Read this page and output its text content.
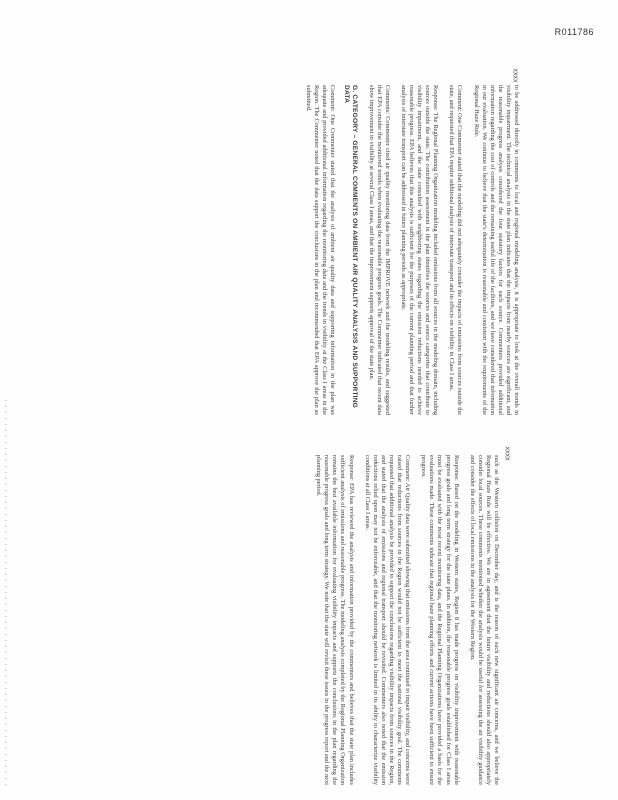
R011786
xxxx
xxxx

to be addressed directly in comments to local and regional modeling analysis, it is appropriate to look at the overall trends in visibility impairment. The technical analysis in the state plan indicates that the impacts from nearby sources are significant, and the reasonable progress analysis considered the four statutory factors for each source. Commenters provided additional information regarding the cost of controls and the remaining useful life of the facilities, and we have considered that information in our evaluation. We continue to believe that the state's determination is reasonable and consistent with the requirements of the Regional Haze Rule.

Comment: One Commenter stated that the modeling did not adequately consider the impacts of emissions from sources outside the state, and requested that EPA require additional analysis of interstate transport and its effects on visibility in Class I areas.

Response: The Regional Planning Organization modeling included emissions from all sources in the modeling domain, including sources outside the state. The contribution assessment in the plan identifies the sources and source categories that contribute to visibility impairment, and the state consulted with neighboring states regarding the emission reductions needed to achieve reasonable progress. EPA believes that this analysis is sufficient for the purposes of the current planning period and that further analysis of interstate transport can be addressed in future planning periods as appropriate.

Comments: Commenter cited air quality monitoring data from the IMPROVE network and the modeling results, and suggested that EPA consider the monitored trends when evaluating the reasonable progress goals. The Commenter indicated that recent data show improvement in visibility at several Class I areas, and that the improvement supports approval of the state plan.

G. CATEGORY – GENERAL COMMENTS ON AMBIENT AIR QUALITY ANALYSIS AND SUPPORTING DATA

Comment: One Commenter stated that the analysis of ambient air quality data and supporting information in the plan was adequate and provided additional information regarding the monitoring data and the trends in visibility at the Class I areas in the Region. The Commenter noted that the data support the conclusions in the plan and recommended that EPA approve the plan as submitted.

such as the Western collision on December day, and is the reason of such new significant air concerns, and we believe the Regional Haze Rule will be effective. We are in agreement that the future visibility and reductions should also appropriately consider local sources. These comments mentioned whether the analysis would be useful for assessing the air visibility guidance and consider the effects of local emissions in the analysis for the Western Region.

Response: Based on the modeling in Western states, Region 8 has made progress on visibility improvement with reasonable progress goals and long term strategy for the state plans. In addition, the reasonable progress goals established for Class I areas must be evaluated with the most recent monitoring data, and the Regional Planning Organizations have provided a basis for the evaluations made. These comments indicate that regional haze planning efforts and current actions have been sufficient to ensure progress.

Comment: Air Quality data were submitted showing that emissions from the area continued to impair visibility, and concerns were raised that reductions from sources in the Region would not be sufficient to meet the national visibility goal. The comments requested that additional analysis be provided to support the conclusions regarding visibility impacts from sources in the Region, and stated that the analysis of emissions and regional transport should be revisited. Commenters also noted that the emission reductions relied upon may not be enforceable, and that the monitoring network is limited in its ability to characterize visibility conditions at all Class I areas.

Response: EPA has reviewed the analysis and information provided by the commenters and believes that the state plan includes sufficient analysis of emissions and reasonable progress. The modeling analysis completed by the Regional Planning Organization remains the best available information for evaluating visibility impacts and supports the conclusions in the plan regarding the reasonable progress goals and long term strategy. We note that the state will revisit these issues in the progress report and the next planning period.
